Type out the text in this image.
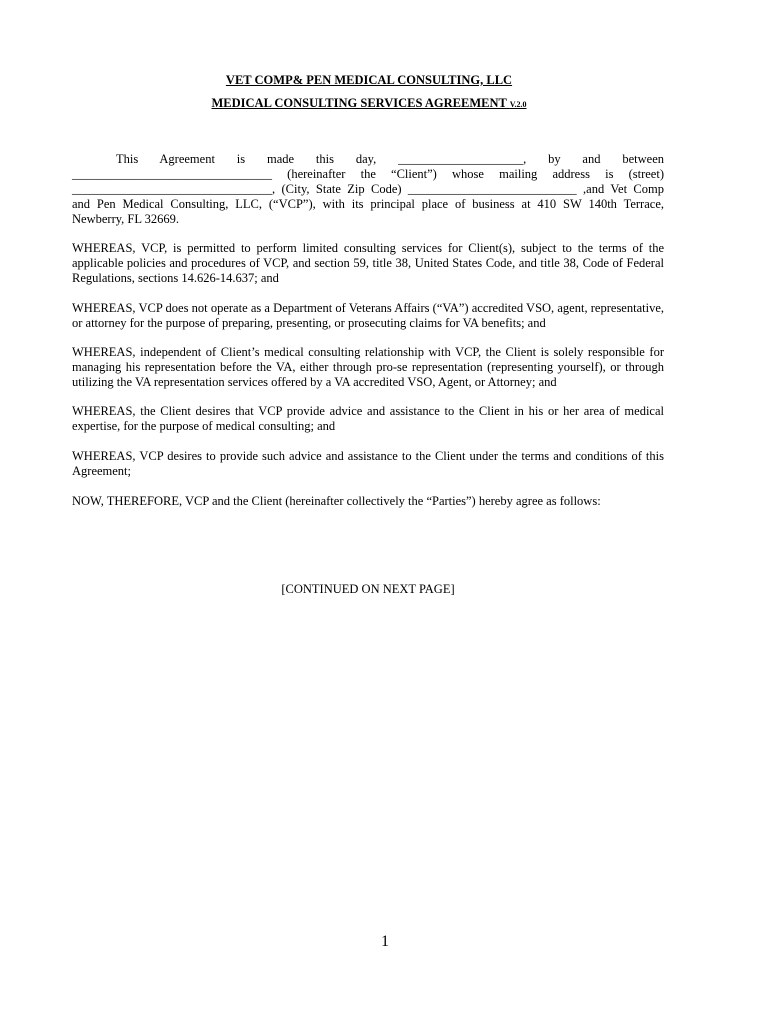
VET COMP& PEN MEDICAL CONSULTING, LLC
MEDICAL CONSULTING SERVICES AGREEMENT V.2.0
This Agreement is made this day, ____________________, by and between
________________________________ (hereinafter the “Client”) whose mailing address is (street)
________________________________, (City, State Zip Code) ___________________________ ,and Vet Comp
and Pen Medical Consulting, LLC, (“VCP”), with its principal place of business at 410 SW 140th Terrace,
Newberry, FL 32669.
WHEREAS, VCP, is permitted to perform limited consulting services for Client(s), subject to the terms of the
applicable policies and procedures of VCP, and section 59, title 38, United States Code, and title 38, Code of Federal
Regulations, sections 14.626-14.637; and
WHEREAS, VCP does not operate as a Department of Veterans Affairs (“VA”) accredited VSO, agent, representative,
or attorney for the purpose of preparing, presenting, or prosecuting claims for VA benefits; and
WHEREAS, independent of Client’s medical consulting relationship with VCP, the Client is solely responsible for
managing his representation before the VA, either through pro-se representation (representing yourself), or through
utilizing the VA representation services offered by a VA accredited VSO, Agent, or Attorney; and
WHEREAS, the Client desires that VCP provide advice and assistance to the Client in his or her area of medical
expertise, for the purpose of medical consulting; and
WHEREAS, VCP desires to provide such advice and assistance to the Client under the terms and conditions of this
Agreement;
NOW, THEREFORE, VCP and the Client (hereinafter collectively the “Parties”) hereby agree as follows:
[CONTINUED ON NEXT PAGE]
1
